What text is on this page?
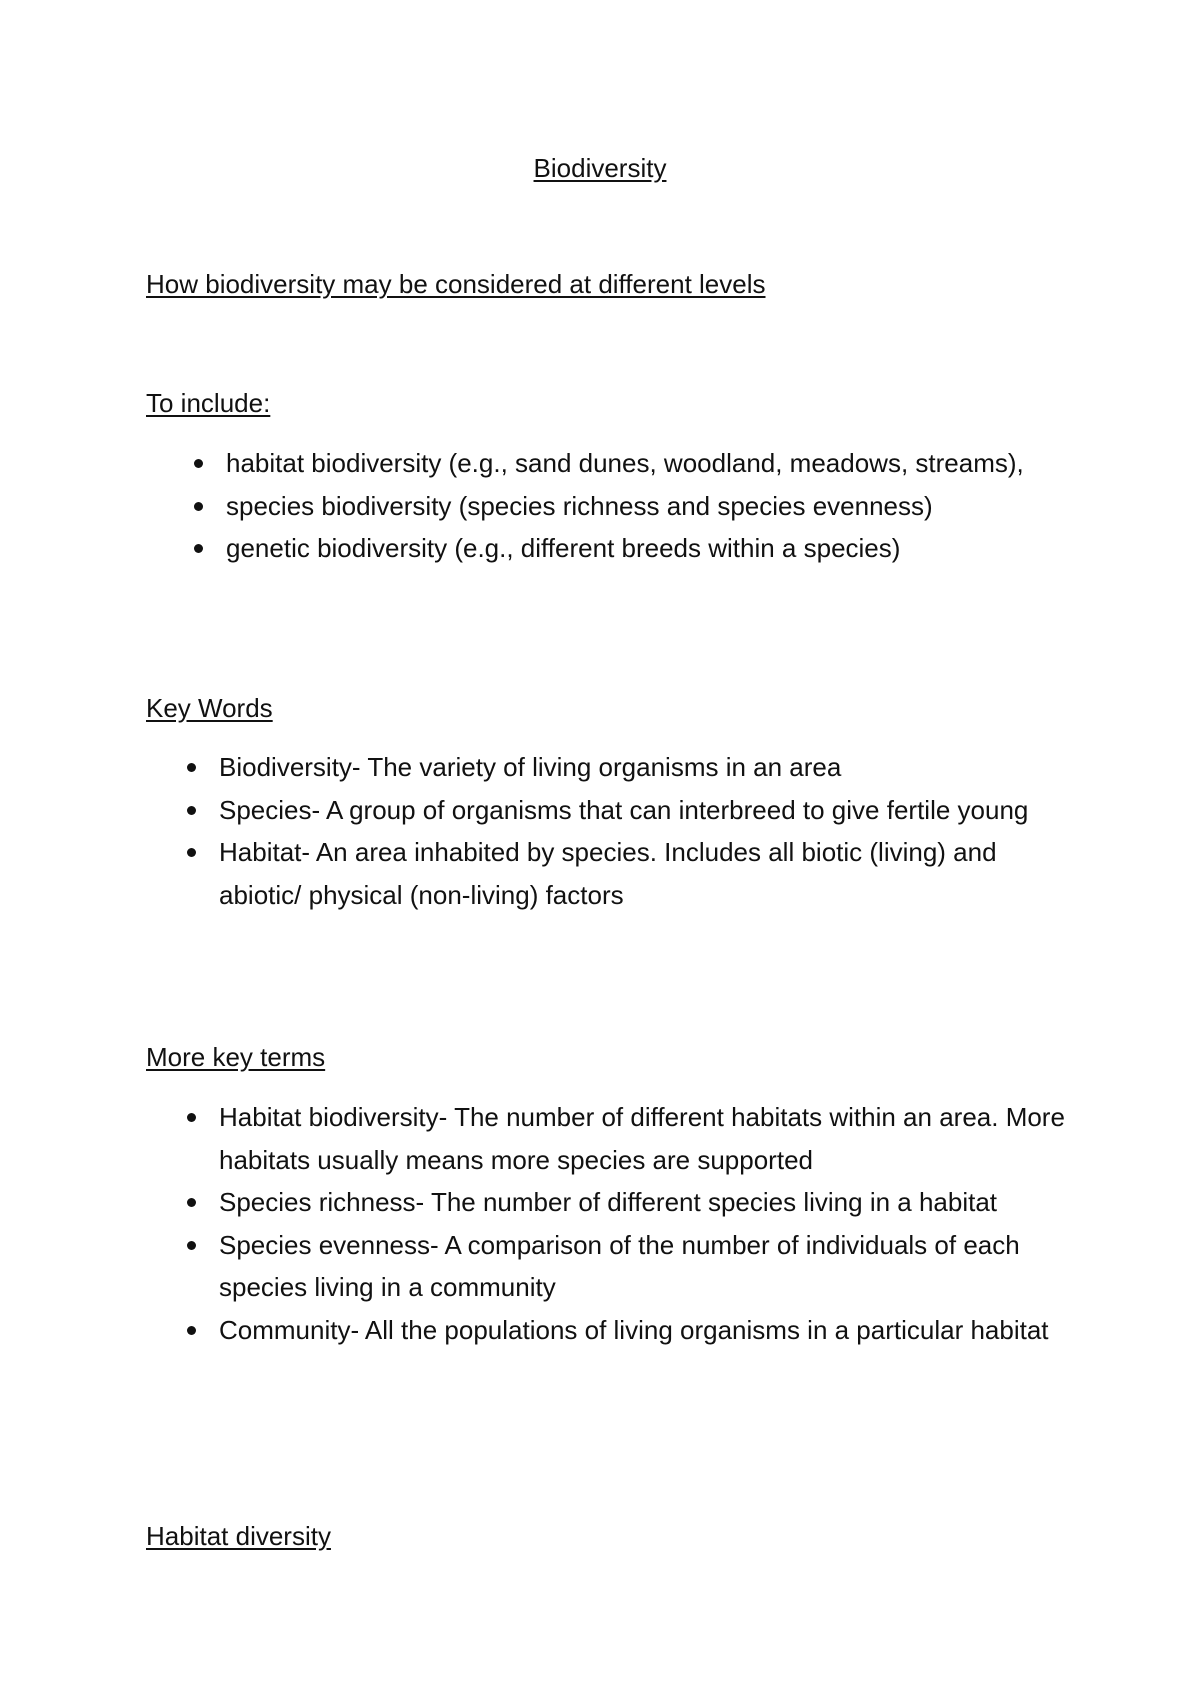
Biodiversity
How biodiversity may be considered at different levels
To include:
habitat biodiversity (e.g., sand dunes, woodland, meadows, streams),
species biodiversity (species richness and species evenness)
genetic biodiversity (e.g., different breeds within a species)
Key Words
Biodiversity- The variety of living organisms in an area
Species- A group of organisms that can interbreed to give fertile young
Habitat- An area inhabited by species. Includes all biotic (living) and abiotic/ physical (non-living) factors
More key terms
Habitat biodiversity- The number of different habitats within an area. More habitats usually means more species are supported
Species richness- The number of different species living in a habitat
Species evenness- A comparison of the number of individuals of each species living in a community
Community- All the populations of living organisms in a particular habitat
Habitat diversity
